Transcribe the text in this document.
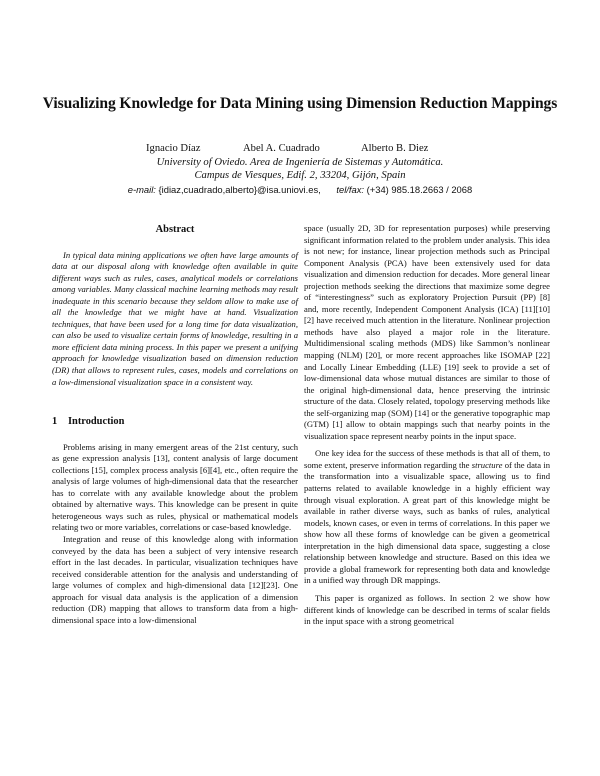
Visualizing Knowledge for Data Mining using Dimension Reduction Mappings
Ignacio Díaz	Abel A. Cuadrado	Alberto B. Diez
University of Oviedo. Area de Ingeniería de Sistemas y Automática.
Campus de Viesques, Edif. 2, 33204, Gijón, Spain
e-mail: {idiaz,cuadrado,alberto}@isa.uniovi.es, tel/fax: (+34) 985.18.2663 / 2068
Abstract

In typical data mining applications we often have large amounts of data at our disposal along with knowledge often available in quite different ways such as rules, cases, analytical models or correlations among variables. Many classical machine learning methods may result inadequate in this scenario because they seldom allow to make use of all the knowledge that we might have at hand. Visualization techniques, that have been used for a long time for data visualization, can also be used to visualize certain forms of knowledge, resulting in a more efficient data mining process. In this paper we present a unifying approach for knowledge visualization based on dimension reduction (DR) that allows to represent rules, cases, models and correlations on a low-dimensional visualization space in a consistent way.

1 Introduction

Problems arising in many emergent areas of the 21st century, such as gene expression analysis [13], content analysis of large document collections [15], complex process analysis [6][4], etc., often require the analysis of large volumes of high-dimensional data that the researcher has to correlate with any available knowledge about the problem obtained by alternative ways. This knowledge can be present in quite heterogeneous ways such as rules, physical or mathematical models relating two or more variables, correlations or case-based knowledge.

Integration and reuse of this knowledge along with information conveyed by the data has been a subject of very intensive research effort in the last decades. In particular, visualization techniques have received considerable attention for the analysis and understanding of large volumes of complex and high-dimensional data [12][23]. One approach for visual data analysis is the application of a dimension reduction (DR) mapping that allows to transform data from a high-dimensional space into a low-dimensional

space (usually 2D, 3D for representation purposes) while preserving significant information related to the problem under analysis. This idea is not new; for instance, linear projection methods such as Principal Component Analysis (PCA) have been extensively used for data visualization and dimension reduction for decades. More general linear projection methods seeking the directions that maximize some degree of “interestingness” such as exploratory Projection Pursuit (PP) [8] and, more recently, Independent Component Analysis (ICA) [11][10][2] have received much attention in the literature. Nonlinear projection methods have also played a major role in the literature. Multidimensional scaling methods (MDS) like Sammon’s nonlinear mapping (NLM) [20], or more recent approaches like ISOMAP [22] and Locally Linear Embedding (LLE) [19] seek to provide a set of low-dimensional data whose mutual distances are similar to those of the original high-dimensional data, hence preserving the intrinsic structure of the data. Closely related, topology preserving methods like the self-organizing map (SOM) [14] or the generative topographic map (GTM) [1] allow to obtain mappings such that nearby points in the visualization space represent nearby points in the input space.

One key idea for the success of these methods is that all of them, to some extent, preserve information regarding the structure of the data in the transformation into a visualizable space, allowing us to find patterns related to available knowledge in a highly efficient way through visual exploration. A great part of this knowledge might be available in rather diverse ways, such as banks of rules, analytical models, known cases, or even in terms of correlations. In this paper we show how all these forms of knowledge can be given a geometrical interpretation in the high dimensional data space, suggesting a close relationship between knowledge and structure. Based on this idea we provide a global framework for representing both data and knowledge in a unified way through DR mappings.

This paper is organized as follows. In section 2 we show how different kinds of knowledge can be described in terms of scalar fields in the input space with a strong geometrical
